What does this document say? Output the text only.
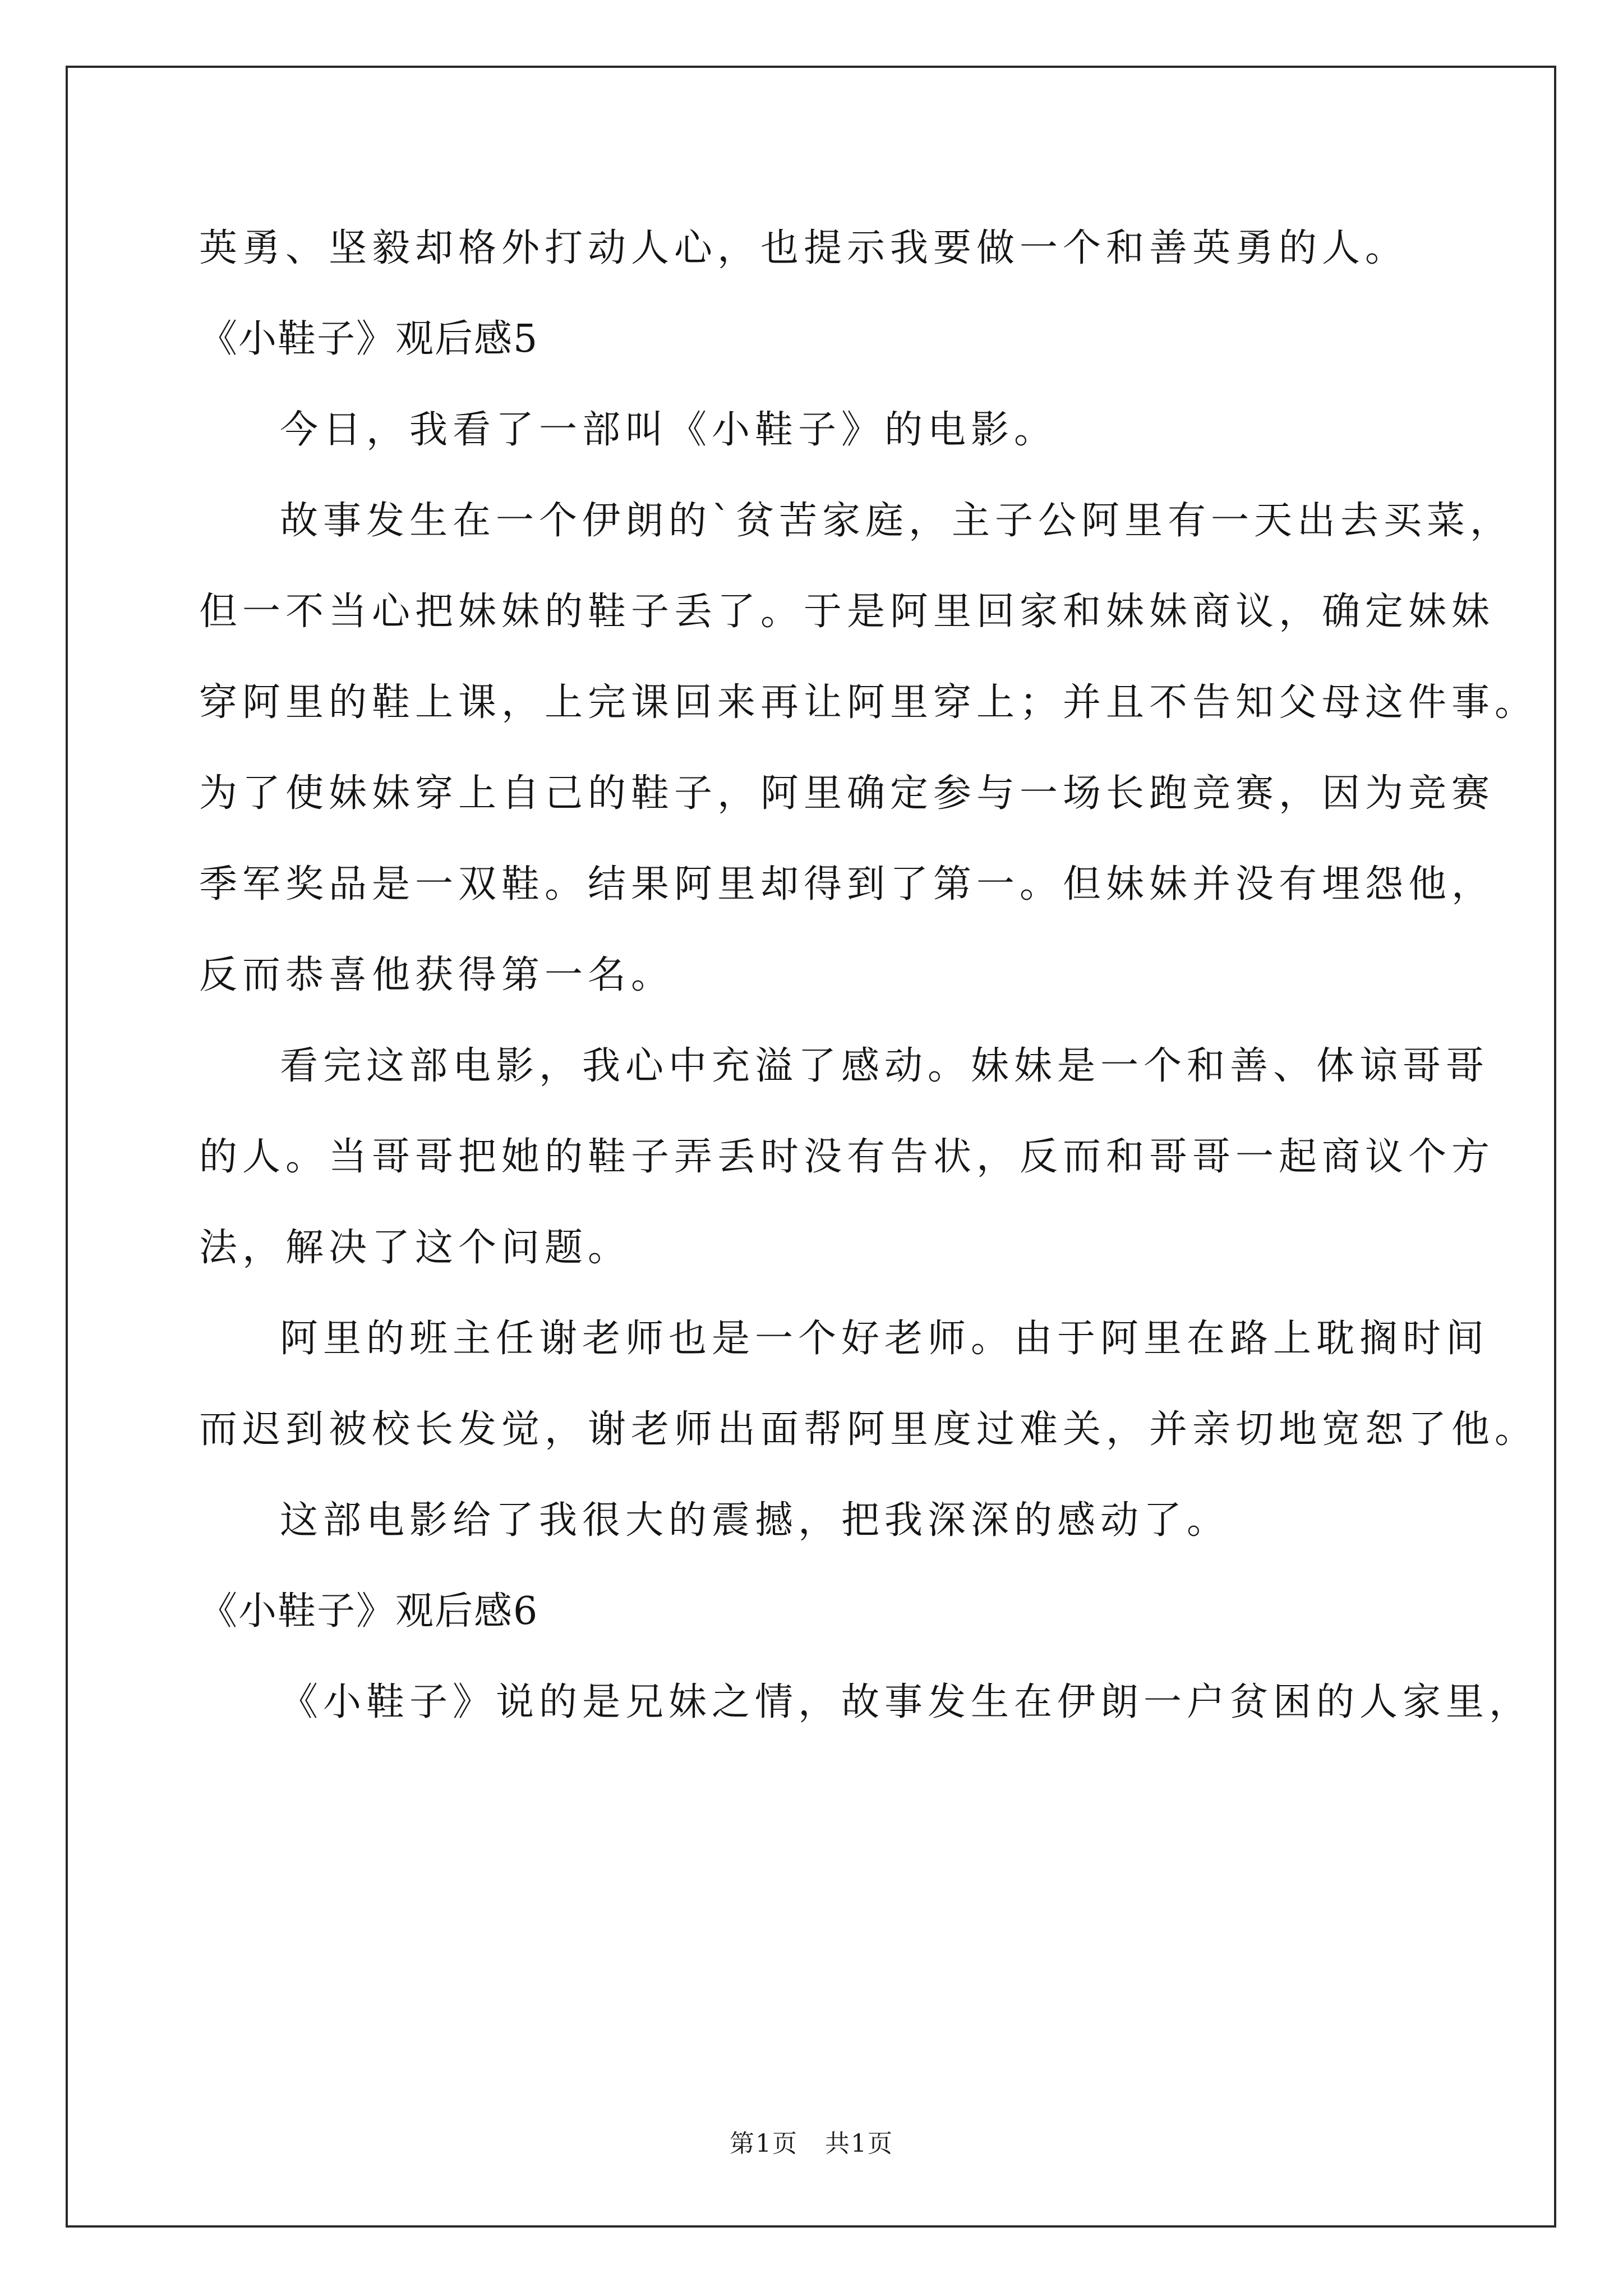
英勇、坚毅却格外打动人心，也提示我要做一个和善英勇的人。
《小鞋子》观后感5
今日，我看了一部叫《小鞋子》的电影。
故事发生在一个伊朗的`贫苦家庭，主子公阿里有一天出去买菜，
但一不当心把妹妹的鞋子丢了。于是阿里回家和妹妹商议，确定妹妹
穿阿里的鞋上课，上完课回来再让阿里穿上；并且不告知父母这件事。
为了使妹妹穿上自己的鞋子，阿里确定参与一场长跑竞赛，因为竞赛
季军奖品是一双鞋。结果阿里却得到了第一。但妹妹并没有埋怨他，
反而恭喜他获得第一名。
看完这部电影，我心中充溢了感动。妹妹是一个和善、体谅哥哥
的人。当哥哥把她的鞋子弄丢时没有告状，反而和哥哥一起商议个方
法，解决了这个问题。
阿里的班主任谢老师也是一个好老师。由于阿里在路上耽搁时间
而迟到被校长发觉，谢老师出面帮阿里度过难关，并亲切地宽恕了他。
这部电影给了我很大的震撼，把我深深的感动了。
《小鞋子》观后感6
《小鞋子》说的是兄妹之情，故事发生在伊朗一户贫困的人家里，
第1页   共1页
